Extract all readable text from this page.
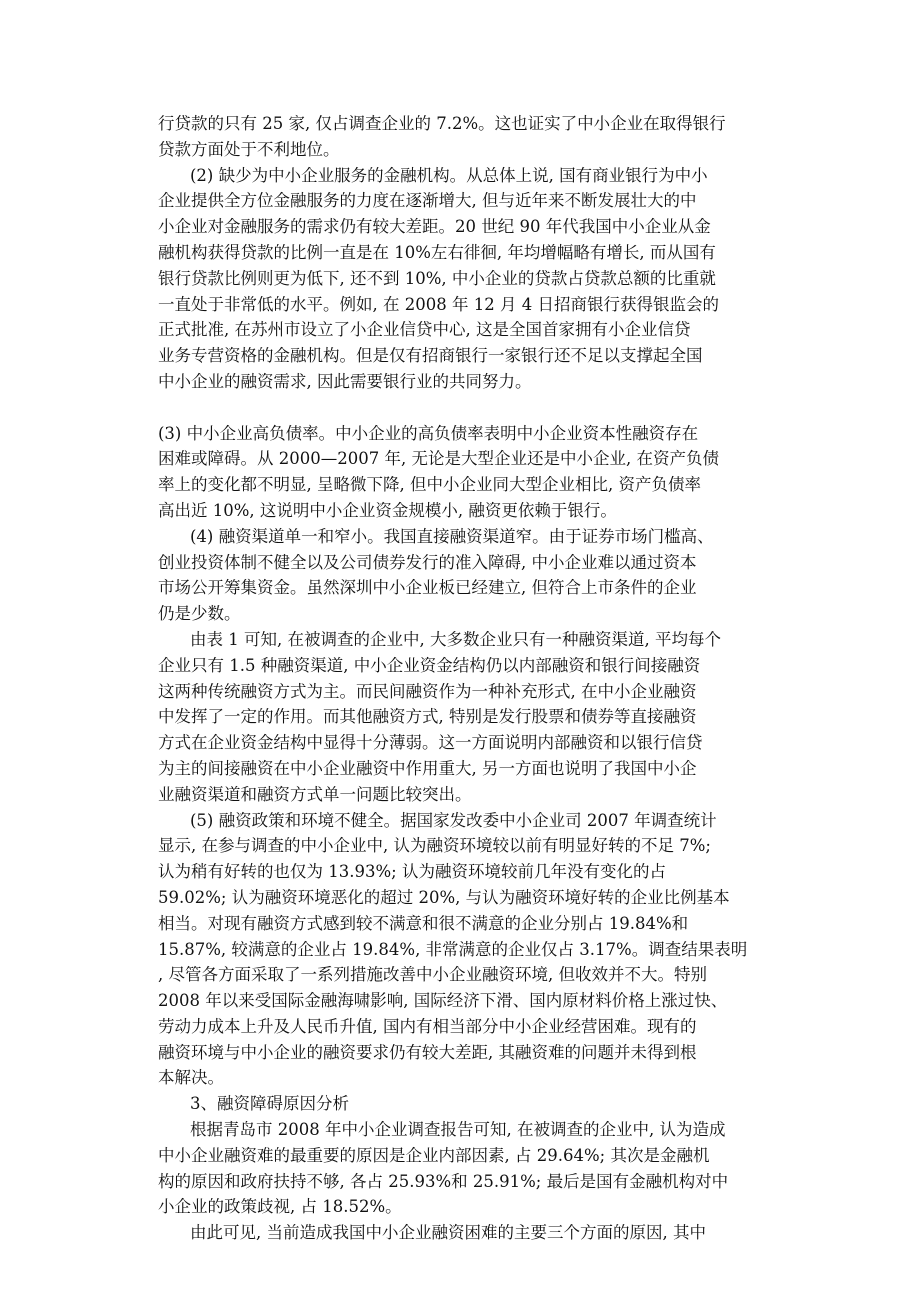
行贷款的只有 25 家, 仅占调查企业的 7.2%。这也证实了中小企业在取得银行
贷款方面处于不利地位。
(2) 缺少为中小企业服务的金融机构。从总体上说, 国有商业银行为中小
企业提供全方位金融服务的力度在逐渐增大, 但与近年来不断发展壮大的中
小企业对金融服务的需求仍有较大差距。20 世纪 90 年代我国中小企业从金
融机构获得贷款的比例一直是在 10%左右徘徊, 年均增幅略有增长, 而从国有
银行贷款比例则更为低下, 还不到 10%, 中小企业的贷款占贷款总额的比重就
一直处于非常低的水平。例如, 在 2008 年 12 月 4 日招商银行获得银监会的
正式批准, 在苏州市设立了小企业信贷中心, 这是全国首家拥有小企业信贷
业务专营资格的金融机构。但是仅有招商银行一家银行还不足以支撑起全国
中小企业的融资需求, 因此需要银行业的共同努力。
(3) 中小企业高负债率。中小企业的高负债率表明中小企业资本性融资存在
困难或障碍。从 2000—2007 年, 无论是大型企业还是中小企业, 在资产负债
率上的变化都不明显, 呈略微下降, 但中小企业同大型企业相比, 资产负债率
高出近 10%, 这说明中小企业资金规模小, 融资更依赖于银行。
(4) 融资渠道单一和窄小。我国直接融资渠道窄。由于证券市场门槛高、
创业投资体制不健全以及公司债券发行的准入障碍, 中小企业难以通过资本
市场公开筹集资金。虽然深圳中小企业板已经建立, 但符合上市条件的企业
仍是少数。
由表 1 可知, 在被调查的企业中, 大多数企业只有一种融资渠道, 平均每个
企业只有 1.5 种融资渠道, 中小企业资金结构仍以内部融资和银行间接融资
这两种传统融资方式为主。而民间融资作为一种补充形式, 在中小企业融资
中发挥了一定的作用。而其他融资方式, 特别是发行股票和债券等直接融资
方式在企业资金结构中显得十分薄弱。这一方面说明内部融资和以银行信贷
为主的间接融资在中小企业融资中作用重大, 另一方面也说明了我国中小企
业融资渠道和融资方式单一问题比较突出。
(5) 融资政策和环境不健全。据国家发改委中小企业司 2007 年调查统计
显示, 在参与调查的中小企业中, 认为融资环境较以前有明显好转的不足 7%;
认为稍有好转的也仅为 13.93%; 认为融资环境较前几年没有变化的占
59.02%; 认为融资环境恶化的超过 20%, 与认为融资环境好转的企业比例基本
相当。对现有融资方式感到较不满意和很不满意的企业分别占 19.84%和
15.87%, 较满意的企业占 19.84%, 非常满意的企业仅占 3.17%。调查结果表明
, 尽管各方面采取了一系列措施改善中小企业融资环境, 但收效并不大。特别
2008 年以来受国际金融海啸影响, 国际经济下滑、国内原材料价格上涨过快、
劳动力成本上升及人民币升值, 国内有相当部分中小企业经营困难。现有的
融资环境与中小企业的融资要求仍有较大差距, 其融资难的问题并未得到根
本解决。
3、融资障碍原因分析
根据青岛市 2008 年中小企业调查报告可知, 在被调查的企业中, 认为造成
中小企业融资难的最重要的原因是企业内部因素, 占 29.64%; 其次是金融机
构的原因和政府扶持不够, 各占 25.93%和 25.91%; 最后是国有金融机构对中
小企业的政策歧视, 占 18.52%。
由此可见, 当前造成我国中小企业融资困难的主要三个方面的原因, 其中
